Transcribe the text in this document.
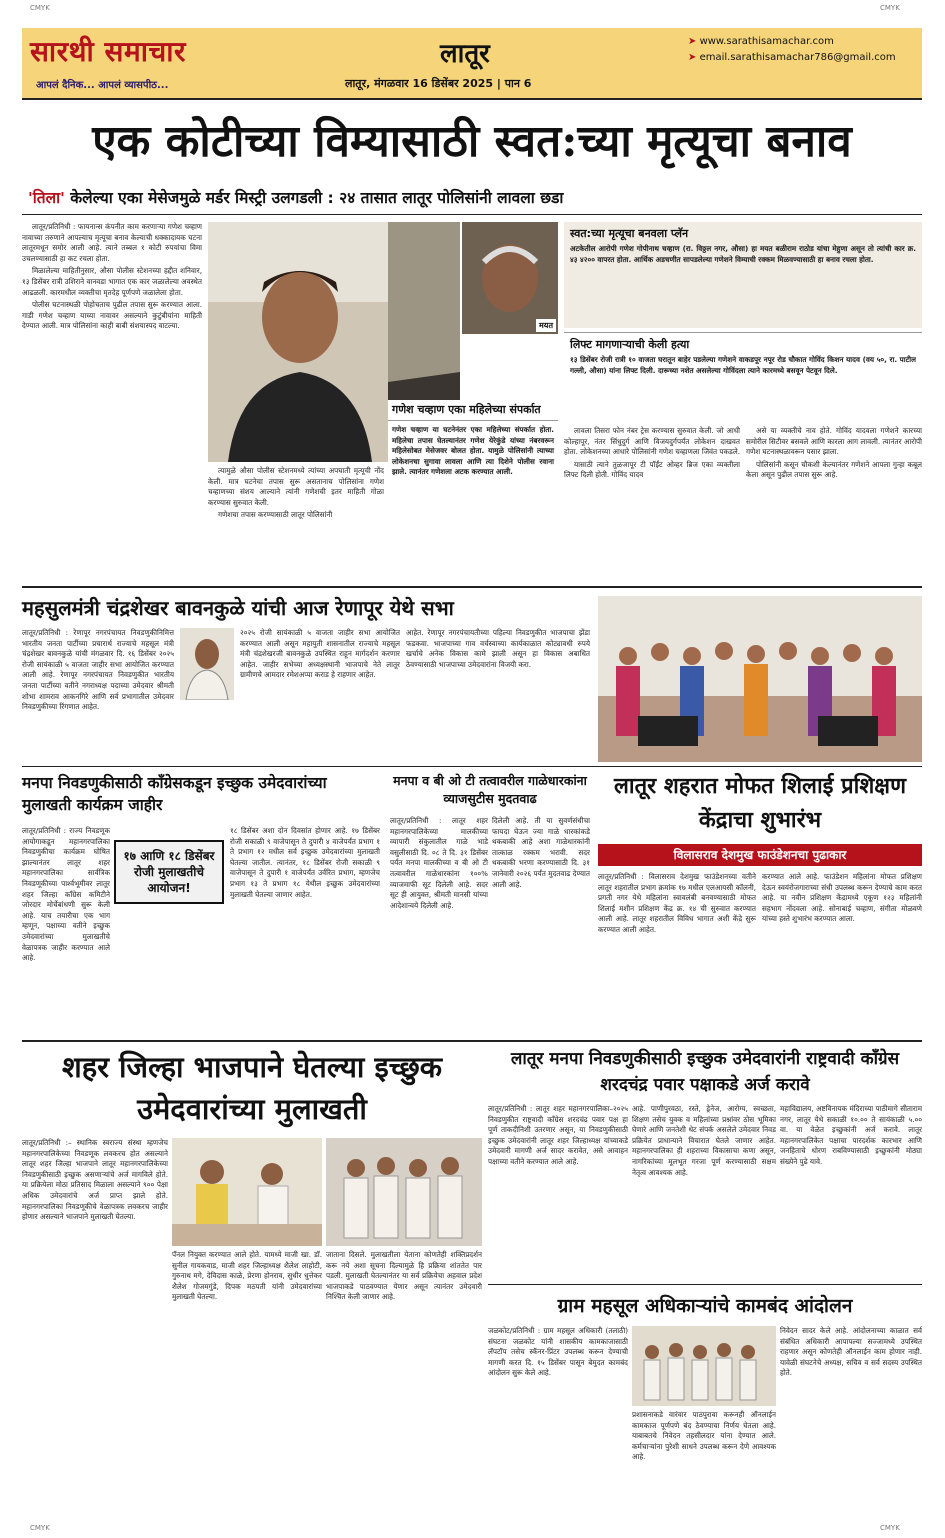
CMYK	CMYK
सारथी समाचार
आपलं दैनिक... आपलं व्यासपीठ...
लातूर
लातूर, मंगळवार 16 डिसेंबर 2025 | पान 6
➤ www.sarathisamachar.com
➤ email.sarathisamachar786@gmail.com
एक कोटीच्या विम्यासाठी स्वत:च्या मृत्यूचा बनाव
'तिला' केलेल्या एका मेसेजमुळे मर्डर मिस्ट्री उलगडली : २४ तासात लातूर पोलिसांनी लावला छडा

लातूर/प्रतिनिधी : फायनान्स कंपनीत काम करणाऱ्या गणेश चव्हाण नावाच्या तरुणाने आपल्याच मृत्यूचा बनाव केल्याची धक्कादायक घटना लातूरमधून समोर आली आहे. त्याने तब्बल १ कोटी रुपयांचा विमा उचलण्यासाठी हा कट रचला होता.

मिळालेल्या माहितीनुसार, औसा पोलीस स्टेशनच्या हद्दीत शनिवार, १३ डिसेंबर रात्री उशिराने वानवडा भागात एक कार जळालेल्या अवस्थेत आढळली. कारमधील व्यक्तीचा मृतदेह पूर्णपणे जळालेला होता.

पोलीस घटनास्थळी पोहोचताच पुढील तपास सुरू करण्यात आला. गाडी गणेश चव्हाण याच्या नावावर असल्याने कुटुंबीयांना माहिती देण्यात आली. मात्र पोलिसांना काही बाबी संशयास्पद वाटल्या.	मयत
गणेश चव्हाण एका महिलेच्या संपर्कात
गणेश चव्हाण या घटनेनंतर एका महिलेच्या संपर्कात होता. महिलेचा तपास घेतल्यानंतर गणेश येरेकुंडे यांच्या नंबरवरून महिलेसोबत मेसेजवर बोलत होता. यामुळे पोलिसांनी त्याच्या लोकेशनचा सुगावा लावला आणि त्या दिशेने पोलीस रवाना झाले. त्यानंतर गणेशला अटक करण्यात आली.

त्यामुळे औसा पोलीस स्टेशनमध्ये त्यांच्या अपघाती मृत्यूची नोंद केली. मात्र घटनेचा तपास सुरू असतानाच पोलिसांना गणेश चव्हाणच्या संशय आल्याने त्यांनी गणेशची इतर माहिती गोळा करण्यास सुरुवात केली.

गणेशचा तपास करण्यासाठी लातूर पोलिसांनी

स्वत:च्या मृत्यूचा बनवला प्लॅन
अटकेतील आरोपी गणेश गोपीनाथ चव्हाण (रा. विठ्ठल नगर, औसा) हा मयत बळीराम राठोड यांचा मेहुणा असून तो त्यांची कार क्र. ४३ ४२०० वापरत होता. आर्थिक अडचणीत सापडलेल्या गणेशने विम्याची रक्कम मिळवण्यासाठी हा बनाव रचला होता.
लिफ्ट मागणाऱ्याची केली हत्या
१३ डिसेंबर रोजी रात्री १० वाजता घरातून बाहेर पडलेल्या गणेशने वाकडपूर नपूर रोड चौकात गोविंद किशन यादव (वय ५०, रा. पाटील गल्ली, औसा) यांना लिफ्ट दिली. दारूच्या नशेत असलेल्या गोविंदला त्याने कारमध्ये बसवून पेटवून दिले.

लावला तिसरा फोन नंबर ट्रेस करण्यास सुरुवात केली. जो आधी कोल्हापूर, नंतर सिंधुदुर्ग आणि विजयदुर्गपर्यंत लोकेशन दाखवत होता. लोकेशनच्या आधारे पोलिसांनी गणेश चव्हाणला जिवंत पकडले.

यासाठी त्याने तुळजापूर टी पॉईंट ओव्हर ब्रिज एका व्यक्तीला लिफ्ट दिली होती. गोविंद यादव

असे या व्यक्तीचे नाव होते. गोविंद यादवला गणेशने कारच्या समोरील सिटीवर बसवले आणि कारला आग लावली. त्यानंतर आरोपी गणेश घटनास्थळावरून पसार झाला.

पोलिसांनी कसून चौकशी केल्यानंतर गणेशने आपला गुन्हा कबूल केला असून पुढील तपास सुरू आहे.

महसुलमंत्री चंद्रशेखर बावनकुळे यांची आज रेणापूर येथे सभा
लातूर/प्रतिनिधी : रेणापूर नगरपंचायत निवडणुकीनिमित्त भारतीय जनता पार्टीच्या प्रचारार्थ राज्याचे महसूल मंत्री चंद्रशेखर बावनकुळे यांची मंगळवार दि. १६ डिसेंबर २०२५ रोजी सायंकाळी ५ वाजता जाहीर सभा आयोजित करण्यात आली आहे. रेणापूर नगरपंचायत निवडणुकीत भारतीय जनता पार्टीच्या वतीने नगराध्यक्ष पदाच्या उमेदवार श्रीमती शोभा शामराव आकनगिरे आणि सर्व प्रभागातील उमेदवार निवडणुकीच्या रिंगणात आहेत.
२०२५ रोजी सायंकाळी ५ वाजता जाहीर सभा आयोजित करण्यात आली असून महायुती शासनातील राज्याचे महसूल मंत्री चंद्रशेखरजी बावनकुळे उपस्थित राहून मार्गदर्शन करणार आहेत. जाहीर सभेच्या अध्यक्षस्थानी भाजपाचे नेते लातूर ग्रामीणचे आमदार रमेशअप्पा कराड हे राहणार आहेत.
आहेत. रेणापूर नगरपंचायतीच्या पहिल्या निवडणुकीत भाजपाचा झेंडा फडकवा. भाजपाच्या गाव वर्चस्वाच्या कार्यकाळात कोट्यावधी रुपये खर्चाचे अनेक विकास कामे झाली असून हा विकास अबाधित ठेवण्यासाठी भाजपाच्या उमेदवारांना विजयी करा.
मनपा निवडणुकीसाठी काँग्रेसकडून इच्छुक उमेदवारांच्या मुलाखती कार्यक्रम जाहीर
१७ आणि १८ डिसेंबर रोजी मुलाखतीचे आयोजन!
लातूर/प्रतिनिधी : राज्य निवडणूक आयोगाकडून महानगरपालिका निवडणुकीचा कार्यक्रम घोषित झाल्यानंतर लातूर शहर महानगरपालिका सार्वत्रिक निवडणूकीच्या पार्श्वभूमीवर लातूर शहर जिल्हा काँग्रेस कमिटीने जोरदार मोर्चेबांधणी सुरू केली आहे. याच तयारीचा एक भाग म्हणून, पक्षाच्या वतीने इच्छुक उमेदवारांच्या मुलाखतीचे वेळापत्रक जाहीर करण्यात आले आहे.
१८ डिसेंबर अशा दोन दिवसांत होणार आहे. १७ डिसेंबर रोजी सकाळी ९ वाजेपासून ते दुपारी ४ वाजेपर्यंत प्रभाग १ ते प्रभाग १२ मधील सर्व इच्छुक उमेदवारांच्या मुलाखती घेतल्या जातील. त्यानंतर, १८ डिसेंबर रोजी सकाळी ९ वाजेपासून ते दुपारी १ वाजेपर्यंत उर्वरित प्रभाग, म्हणजेच प्रभाग १३ ते प्रभाग १८ येथील इच्छुक उमेदवारांच्या मुलाखती घेतल्या जाणार आहेत.
मनपा व बी ओ टी तत्वावरील गाळेधारकांना व्याजसुटीस मुदतवाढ
लातूर/प्रतिनिधी : लातूर शहर महानगरपालिकेच्या मालकीच्या व्यापारी संकुलातील गाळे भाडे वसुलीसाठी दि. ०८ ते दि. ३१ डिसेंबर पर्यंत मनपा मालकीच्या व बी ओ टी तत्वावरील गाळेधारकांना १००% व्याजमाफी सूट दिलेली आहे. सदर सूट ही आयुक्त, श्रीमती मानसी यांच्या आदेशान्वये दिलेली आहे.
दिलेली आहे. ती या सुवर्णसंधीचा फायदा घेऊन ज्या गाळे धारकांकडे थकबाकी आहे अशा गाळेधारकांनी तात्काळ रक्कम भरावी. सदर थकबाकी भरणा करण्यासाठी दि. ३१ जानेवारी २०२६ पर्यंत मुदतवाढ देण्यात आली आहे.
लातूर शहरात मोफत शिलाई प्रशिक्षण केंद्राचा शुभारंभ
विलासराव देशमुख फाउंडेशनचा पुढाकार
लातूर/प्रतिनिधी : विलासराव देशमुख फाउंडेशनच्या वतीने लातूर शहरातील प्रभाग क्रमांक १७ मधील एलआयसी कॉलनी, प्रगती नगर येथे महिलांना स्वावलंबी बनवण्यासाठी मोफत शिलाई मशीन प्रशिक्षण केंद्र क्र. १४ ची सुरुवात करण्यात आली आहे. लातूर शहरातील विविध भागात अशी केंद्रे सुरू करण्यात आली आहेत.
करण्यात आले आहे. फाउंडेशन महिलांना मोफत प्रशिक्षण देऊन स्वयंरोजगाराच्या संधी उपलब्ध करून देण्याचे काम करत आहे. या नवीन प्रशिक्षण केंद्रामध्ये एकूण १२३ महिलांनी सहभाग नोंदवला आहे. सोनाबाई चव्हाण, संगीता मोळवणे यांच्या हस्ते शुभारंभ करण्यात आला.
शहर जिल्हा भाजपाने घेतल्या इच्छुक उमेदवारांच्या मुलाखती
लातूर/प्रतिनिधी :– स्थानिक स्वराज्य संस्था म्हणजेच महानगरपालिकेच्या निवडणूक लवकरच होत असल्याने लातूर शहर जिल्हा भाजपाने लातूर महानगरपालिकेच्या निवडणुकीसाठी इच्छुक असणाऱ्यांचे अर्ज मागविले होते. या प्रक्रियेला मोठा प्रतिसाद मिळाला असल्याने ९०० पेक्षा अधिक उमेदवारांचे अर्ज प्राप्त झाले होते. महानगरपालिका निवडणूकीचे वेळापत्रक लवकरच जाहीर होणार असल्याने भाजपाने मुलाखती घेतल्या.
पॅनल नियुक्त करण्यात आले होते. यामध्ये माजी खा. डॉ. सुनील गायकवाड, माजी शहर जिल्हाध्यक्ष शैलेश लाहोटी, गुरुनाथ मगे, देविदास काळे, प्रेरणा होनराव, सुधीर धुत्तेकर शैलेश गोजमगुंडे, दिपक मठपती यांनी उमेदवारांच्या मुलाखती घेतल्या.
जाताना दिसले. मुलाखतीला येताना कोणतेही शक्तिप्रदर्शन करू नये अशा सूचना दिल्यामुळे हि प्रक्रिया शांततेत पार पडली. मुलाखती घेतल्यानंतर या सर्व प्रक्रियेचा अहवाल प्रदेश भाजपाकडे पाठवण्यात येणार असून त्यानंतर उमेदवारी निश्चित केली जाणार आहे.
लातूर मनपा निवडणुकीसाठी इच्छुक उमेदवारांनी राष्ट्रवादी काँग्रेस शरदचंद्र पवार पक्षाकडे अर्ज करावे
लातूर/प्रतिनिधी : लातूर शहर महानगरपालिका–२०२५ निवडणुकीत राष्ट्रवादी काँग्रेस शरदचंद्र पवार पक्ष हा पूर्ण ताकदीनिशी उतरणार असून, या निवडणुकीसाठी इच्छुक उमेदवारांनी लातूर शहर जिल्हाध्यक्ष यांच्याकडे उमेदवारी मागणी अर्ज सादर करावेत, असे आवाहन पक्षाच्या वतीने करण्यात आले आहे.
आहे. पाणीपुरवठा, रस्ते, ड्रेनेज, आरोग्य, स्वच्छता, शिक्षण तसेच युवक व महिलांच्या प्रश्नांवर ठोस भूमिका घेणारे आणि जनतेशी थेट संपर्क असलेले उमेदवार निवड प्रक्रियेत प्राधान्याने विचारात घेतले जाणार आहेत. महानगरपालिका ही शहराच्या विकासाचा कणा असून, नागरिकांच्या मूलभूत गरजा पूर्ण करण्यासाठी सक्षम नेतृत्व आवश्यक आहे.
महाविद्यालय, अष्टविनायक मंदिराच्या पाठीमागे सीताराम नगर, लातूर येथे सकाळी १०.०० ते सायंकाळी ५.०० वा. या वेळेत इच्छुकांनी अर्ज करावे. लातूर महानगरपालिकेत पक्षाचा पारदर्शक कारभार आणि जनहिताचे धोरण राबविण्यासाठी इच्छुकांनी मोठ्या संख्येने पुढे यावे.
ग्राम महसूल अधिकाऱ्यांचे कामबंद आंदोलन
जळकोट/प्रतिनिधी : ग्राम महसूल अधिकारी (तलाठी) संघटना जळकोट यांनी शासकीय कामकाजासाठी लॅपटॉप तसेच स्कॅनर-प्रिंटर उपलब्ध करून देण्याची मागणी करत दि. १५ डिसेंबर पासून बेमुदत कामबंद आंदोलन सुरू केले आहे.
प्रशासनाकडे वारंवार पाठपुरावा करूनही ऑनलाईन कामकाज पूर्णपणे बंद ठेवण्याचा निर्णय घेतला आहे. याबाबतचे निवेदन तहसीलदार यांना देण्यात आले. कर्मचाऱ्यांना पुरेशी साधने उपलब्ध करून देणे आवश्यक आहे.
निवेदन सादर केले आहे. आंदोलनाच्या काळात सर्व संबंधित अधिकारी आपापल्या सज्जामध्ये उपस्थित राहणार असून कोणतेही ऑनलाईन काम होणार नाही. यावेळी संघटनेचे अध्यक्ष, सचिव व सर्व सदस्य उपस्थित होते.
CMYK	CMYK
